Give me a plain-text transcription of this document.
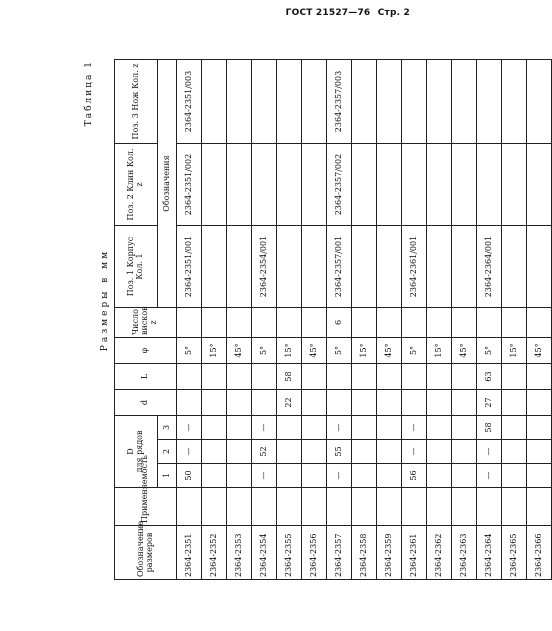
ГОСТ 21527—76 Стр. 2
Таблица 1
Размеры в мм
Обозначение размеров	Применяемость	D
для рядов			d	L	φ	Число висков z	Поз. 1 Корпус Кол. 1	Поз. 2 Клин Кол. z	Поз. 3 Нож Кол. z
		1	2	3					Обозначения		
2364-2351		50	—	—			5°		2364-2351/001	2364-2351/002	2364-2351/003
2364-2352							15°				
2364-2353							45°				
2364-2354		—	52	—			5°		2364-2354/001		
2364-2355					22	58	15°				
2364-2356							45°				
2364-2357		—	55	—			5°	6	2364-2357/001	2364-2357/002	2364-2357/003
2364-2358							15°				
2364-2359							45°				
2364-2361		56	—	—			5°		2364-2361/001		
2364-2362							15°				
2364-2363							45°				
2364-2364		—	—	58	27	63	5°		2364-2364/001		
2364-2365							15°				
2364-2366							45°				
